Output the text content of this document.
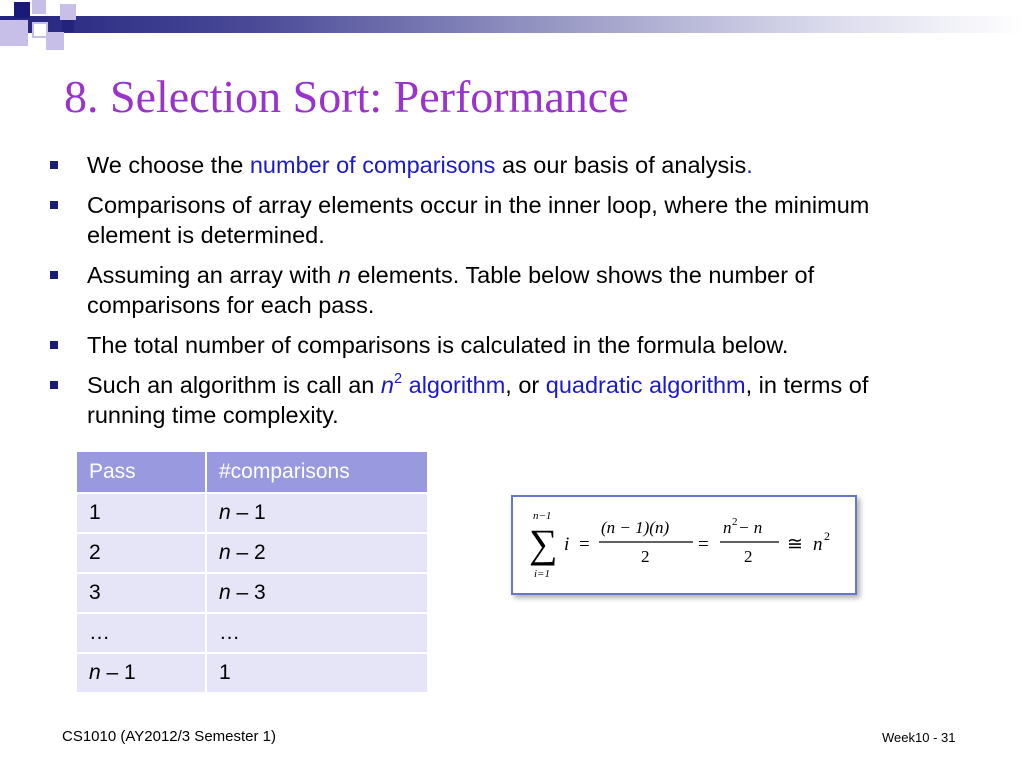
8. Selection Sort: Performance
We choose the number of comparisons as our basis of analysis.
Comparisons of array elements occur in the inner loop, where the minimum element is determined.
Assuming an array with n elements. Table below shows the number of comparisons for each pass.
The total number of comparisons is calculated in the formula below.
Such an algorithm is call an $n^2$ algorithm, or quadratic algorithm, in terms of running time complexity.
Pass	#comparisons
1	n – 1
2	n – 2
3	n – 3
…	…
n – 1	1
n−1
∑
i=1
i =
(n − 1)(n)
2
=
n 2 − n
2
≅ n 2
CS1010 (AY2012/3 Semester 1)	Week10 - 31
